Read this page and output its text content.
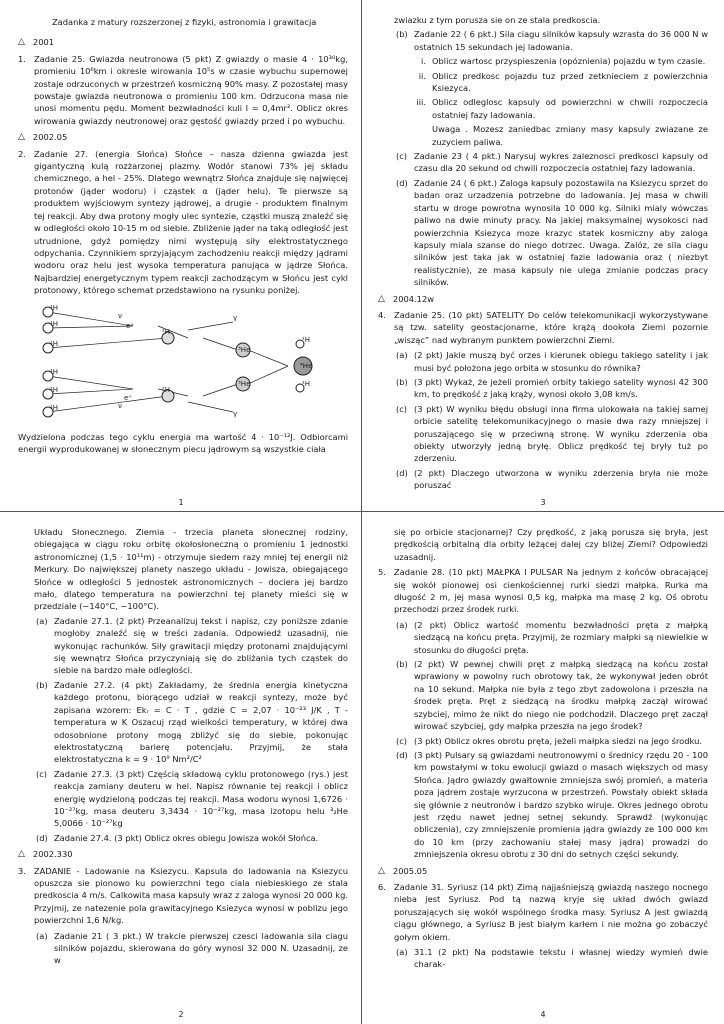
Zadanka z matury rozszerzonej z fizyki, astronomia i grawitacja
△ 2001
1. Zadanie 25. Gwiazda neutronowa (5 pkt) Z gwiazdy o masie 4 · 10³⁰kg, promieniu 10⁶km i okresie wirowania 10⁵s w czasie wybuchu supernowej zostaje odrzuconych w przestrzeń kosmiczną 90% masy. Z pozostałej masy powstaje gwiazda neutronowa o promieniu 100 km. Odrzucona masa nie unosi momentu pędu. Moment bezwładności kuli I = 0,4mr². Oblicz okres wirowania gwiazdy neutronowej oraz gęstość gwiazdy przed i po wybuchu.
△ 2002.05
2. Zadanie 27. (energia Słońca) Słońce – nasza dzienna gwiazda jest gigantyczną kulą rozżarzonej plazmy. Wodór stanowi 73% jej składu chemicznego, a hel - 25%. Dlatego wewnątrz Słońca znajduje się najwięcej protonów (jąder wodoru) i cząstek α (jąder helu). Te pierwsze są produktem wyjściowym syntezy jądrowej, a drugie - produktem finalnym tej reakcji. Aby dwa protony mogły ulec syntezie, cząstki muszą znaleźć się w odległości około 10-15 m od siebie. Zbliżenie jąder na taką odległość jest utrudnione, gdyż pomiędzy nimi występują siły elektrostatycznego odpychania. Czynnikiem sprzyjającym zachodzeniu reakcji między jądrami wodoru oraz helu jest wysoka temperatura panująca w jądrze Słońca. Najbardziej energetycznym typem reakcji zachodzącym w Słońcu jest cykl protonowy, którego schemat przedstawiono na rysunku poniżej.
¹H
¹H
¹H
¹H
¹H
¹H
ν
e⁺
e⁺
ν
²H
²H
γ
γ
³He
³He
⁴He
¹H
¹H
Wydzielona podczas tego cyklu energia ma wartość 4 · 10⁻¹²J. Odbiorcami energii wyprodukowanej w słonecznym piecu jądrowym są wszystkie ciała
1
zwiazku z tym porusza sie on ze stala predkoscia.
(b) Zadanie 22 ( 6 pkt.) Sila ciagu silników kapsuly wzrasta do 36 000 N w ostatnich 15 sekundach jej ladowania.
i. Oblicz wartosc przyspieszenia (opóznienia) pojazdu w tym czasie.
ii. Oblicz predkosc pojazdu tuz przed zetknieciem z powierzchnia Ksiezyca.
iii. Oblicz odleglosc kapsuly od powierzchni w chwili rozpoczecia ostatniej fazy ladowania.
Uwaga . Mozesz zaniedbac zmiany masy kapsuly zwiazane ze zuzyciem paliwa.
(c) Zadanie 23 ( 4 pkt.) Narysuj wykres zaleznosci predkosci kapsuly od czasu dla 20 sekund od chwili rozpoczecia ostatniej fazy ladowania.
(d) Zadanie 24 ( 6 pkt.) Zaloga kapsuly pozostawila na Ksiezycu sprzet do badan oraz urzadzenia potrzebne do ladowania. Jej masa w chwili startu w droge powrotna wynosila 10 000 kg. Silniki mialy wówczas paliwo na dwie minuty pracy. Na jakiej maksymalnej wysokosci nad powierzchnia Ksiezyca moze krazyc statek kosmiczny aby zaloga kapsuly miala szanse do niego dotrzec. Uwaga. Zalóz, ze sila ciagu silników jest taka jak w ostatniej fazie ladowania oraz ( niezbyt realistycznie), ze masa kapsuly nie ulega zmianie podczas pracy silników.
△ 2004.12w
4. Zadanie 25. (10 pkt) SATELITY Do celów telekomunikacji wykorzystywane są tzw. satelity geostacjonarne, które krążą dookoła Ziemi pozornie „wisząc” nad wybranym punktem powierzchni Ziemi.
(a) (2 pkt) Jakie muszą być orzes i kierunek obiegu takiego satelity i jak musi być położona jego orbita w stosunku do równika?
(b) (3 pkt) Wykaż, że jeżeli promień orbity takiego satelity wynosi 42 300 km, to prędkość z jaką krąży, wynosi około 3,08 km/s.
(c) (3 pkt) W wyniku błędu obsługi inna firma ulokowała na takiej samej orbicie satelitę telekomunikacyjnego o masie dwa razy mniejszej i poruszającego się w przeciwną stronę. W wyniku zderzenia oba obiekty utworzyły jedną bryłę. Oblicz prędkość tej bryły tuż po zderzeniu.
(d) (2 pkt) Dlaczego utworzona w wyniku zderzenia bryła nie może poruszać
3
Układu Słonecznego. Ziemia - trzecia planeta słonecznej rodziny, obiegająca w ciągu roku orbitę okołosłoneczną o promieniu 1 jednostki astronomicznej (1,5 · 10¹¹m) - otrzymuje siedem razy mniej tej energii niż Merkury. Do największej planety naszego układu - Jowisza, obiegającego Słońce w odległości 5 jednostek astronomicznych – dociera jej bardzo mało, dlatego temperatura na powierzchni tej planety mieści się w przedziale (−140°C, −100°C).
(a) Zadanie 27.1. (2 pkt) Przeanalizuj tekst i napisz, czy poniższe zdanie mogłoby znaleźć się w treści zadania. Odpowiedź uzasadnij, nie wykonując rachunków. Siły grawitacji między protonami znajdującymi się wewnątrz Słońca przyczyniają się do zbliżania tych cząstek do siebie na bardzo małe odległości.
(b) Zadanie 27.2. (4 pkt) Zakładamy, że średnia energia kinetyczna każdego protonu, biorącego udział w reakcji syntezy, może być zapisana wzorem: Ekᵣ = C · T , gdzie C = 2,07 · 10⁻²³ J/K , T - temperatura w K Oszacuj rząd wielkości temperatury, w której dwa odosobnione protony mogą zbliżyć się do siebie, pokonując elektrostatyczną barierę potencjału. Przyjmij, że stała elektrostatyczna k = 9 · 10⁹ Nm²/C²
(c) Zadanie 27.3. (3 pkt) Częścią składową cyklu protonowego (rys.) jest reakcja zamiany deuteru w hel. Napisz równanie tej reakcji i oblicz energię wydzieloną podczas tej reakcji. Masa wodoru wynosi 1,6726 · 10⁻²⁷kg, masa deuteru 3,3434 · 10⁻²⁷kg, masa izotopu helu ³₂He 5,0066 · 10⁻²⁷kg
(d) Zadanie 27.4. (3 pkt) Oblicz okres obiegu Jowisza wokół Słońca.
△ 2002.330
3. ZADANIE - Ladowanie na Ksiezycu. Kapsula do ladowania na Ksiezycu opuszcza sie pionowo ku powierzchni tego ciala niebieskiego ze stala predkoscia 4 m/s. Calkowita masa kapsuly wraz z zaloga wynosi 20 000 kg. Przyjmij, ze natezenie pola grawitacyjnego Ksiezyca wynosi w poblizu jego powierzchni 1,6 N/kg.
(a) Zadanie 21 ( 3 pkt.) W trakcie pierwszej czesci ladowania sila ciagu silników pojazdu, skierowana do góry wynosi 32 000 N. Uzasadnij, ze w
2
się po orbicie stacjonarnej? Czy prędkość, z jaką porusza się bryła, jest prędkością orbitalną dla orbity leżącej dalej czy bliżej Ziemi? Odpowiedzi uzasadnij.
5. Zadanie 28. (10 pkt) MAŁPKA I PULSAR Na jednym z końców obracającej się wokół pionowej osi cienkościennej rurki siedzi małpka. Rurka ma długość 2 m, jej masa wynosi 0,5 kg, małpka ma masę 2 kg. Oś obrotu przechodzi przez środek rurki.
(a) (2 pkt) Oblicz wartość momentu bezwładności pręta z małpką siedzącą na końcu pręta. Przyjmij, że rozmiary małpki są niewielkie w stosunku do długości pręta.
(b) (2 pkt) W pewnej chwili pręt z małpką siedzącą na końcu został wprawiony w powolny ruch obrotowy tak, że wykonywał jeden obrót na 10 sekund. Małpka nie była z tego zbyt zadowolona i przeszła na środek pręta. Pręt z siedzącą na środku małpką zaczął wirować szybciej, mimo że nikt do niego nie podchodził. Dlaczego pręt zaczął wirować szybciej, gdy małpka przeszła na jego środek?
(c) (3 pkt) Oblicz okres obrotu pręta, jeżeli małpka siedzi na jego środku.
(d) (3 pkt) Pulsary są gwiazdami neutronowymi o średnicy rzędu 20 - 100 km powstałymi w toku ewolucji gwiazd o masach większych od masy Słońca. Jądro gwiazdy gwałtownie zmniejsza swój promień, a materia poza jądrem zostaje wyrzucona w przestrzeń. Powstały obiekt składa się głównie z neutronów i bardzo szybko wiruje. Okres jednego obrotu jest rzędu nawet jednej setnej sekundy. Sprawdź (wykonując obliczenia), czy zmniejszenie promienia jądra gwiazdy ze 100 000 km do 10 km (przy zachowaniu stałej masy jądra) prowadzi do zmniejszenia okresu obrotu z 30 dni do setnych części sekundy.
△ 2005.05
6. Zadanie 31. Syriusz (14 pkt) Zimą najjaśniejszą gwiazdą naszego nocnego nieba jest Syriusz. Pod tą nazwą kryje się układ dwóch gwiazd poruszających się wokół wspólnego środka masy. Syriusz A jest gwiazdą ciągu głównego, a Syriusz B jest białym karłem i nie można go zobaczyć gołym okiem.
(a) 31.1 (2 pkt) Na podstawie tekstu i własnej wiedzy wymień dwie charak-
4
